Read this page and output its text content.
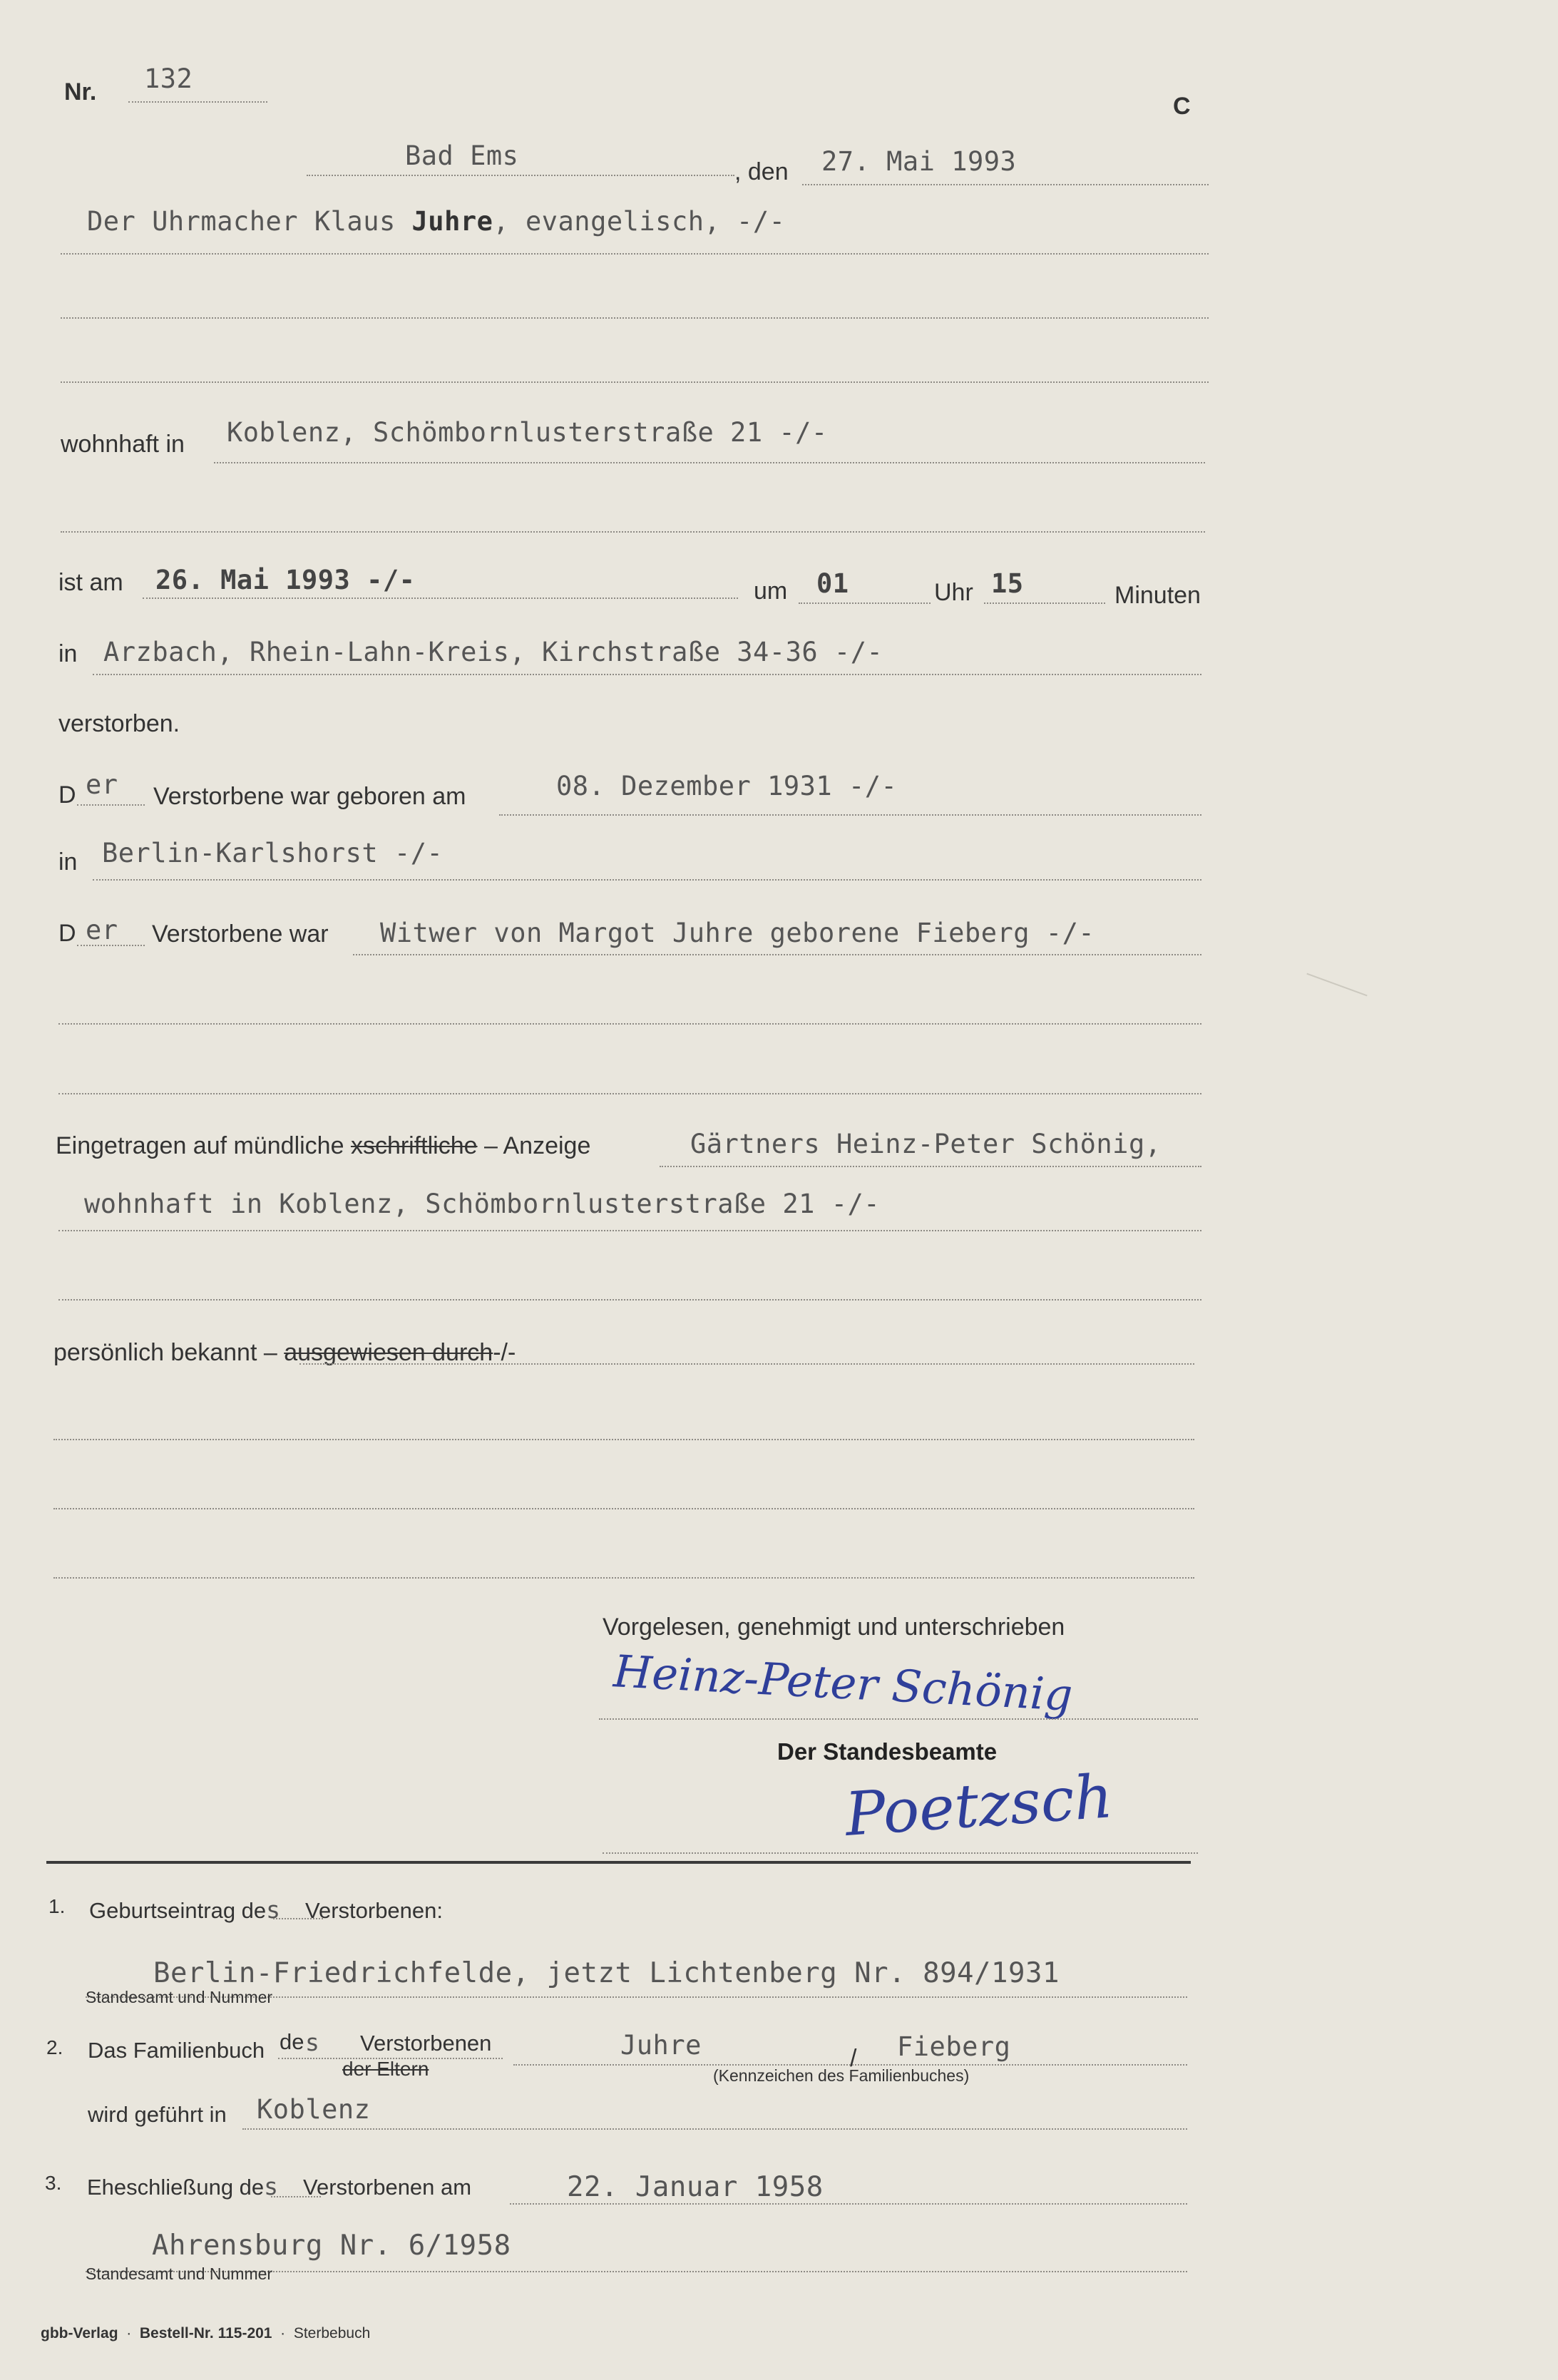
Nr. 132
C
Bad Ems
, den 27. Mai 1993
Der Uhrmacher Klaus Juhre, evangelisch, -/-
wohnhaft in Koblenz, Schömbornlusterstraße 21 -/-
ist am 26. Mai 1993 -/-	um 01	Uhr 15	Minuten
in Arzbach, Rhein-Lahn-Kreis, Kirchstraße 34-36 -/-
verstorben.
D er Verstorbene war geboren am	08. Dezember 1931 -/-
in Berlin-Karlshorst -/-
D er Verstorbene war Witwer von Margot Juhre geborene Fieberg -/-
Eingetragen auf mündliche xschriftliche – Anzeige	Gärtners Heinz-Peter Schönig,
wohnhaft in Koblenz, Schömbornlusterstraße 21 -/-
persönlich bekannt – ausgewiesen durch-/-
Vorgelesen, genehmigt und unterschrieben
Heinz-Peter Schönig
Der Standesbeamte
Poetzsch
1. Geburtseintrag des Verstorbenen:
Berlin-Friedrichfelde, jetzt Lichtenberg Nr. 894/1931
Standesamt und Nummer
2. Das Familienbuch de s Verstorbenen
der Eltern
Juhre	/ Fieberg
(Kennzeichen des Familienbuches)
wird geführt in Koblenz
3. Eheschließung des Verstorbenen am	22. Januar 1958
Ahrensburg Nr. 6/1958
Standesamt und Nummer
gbb-Verlag  ·  Bestell-Nr. 115-201  ·  Sterbebuch
